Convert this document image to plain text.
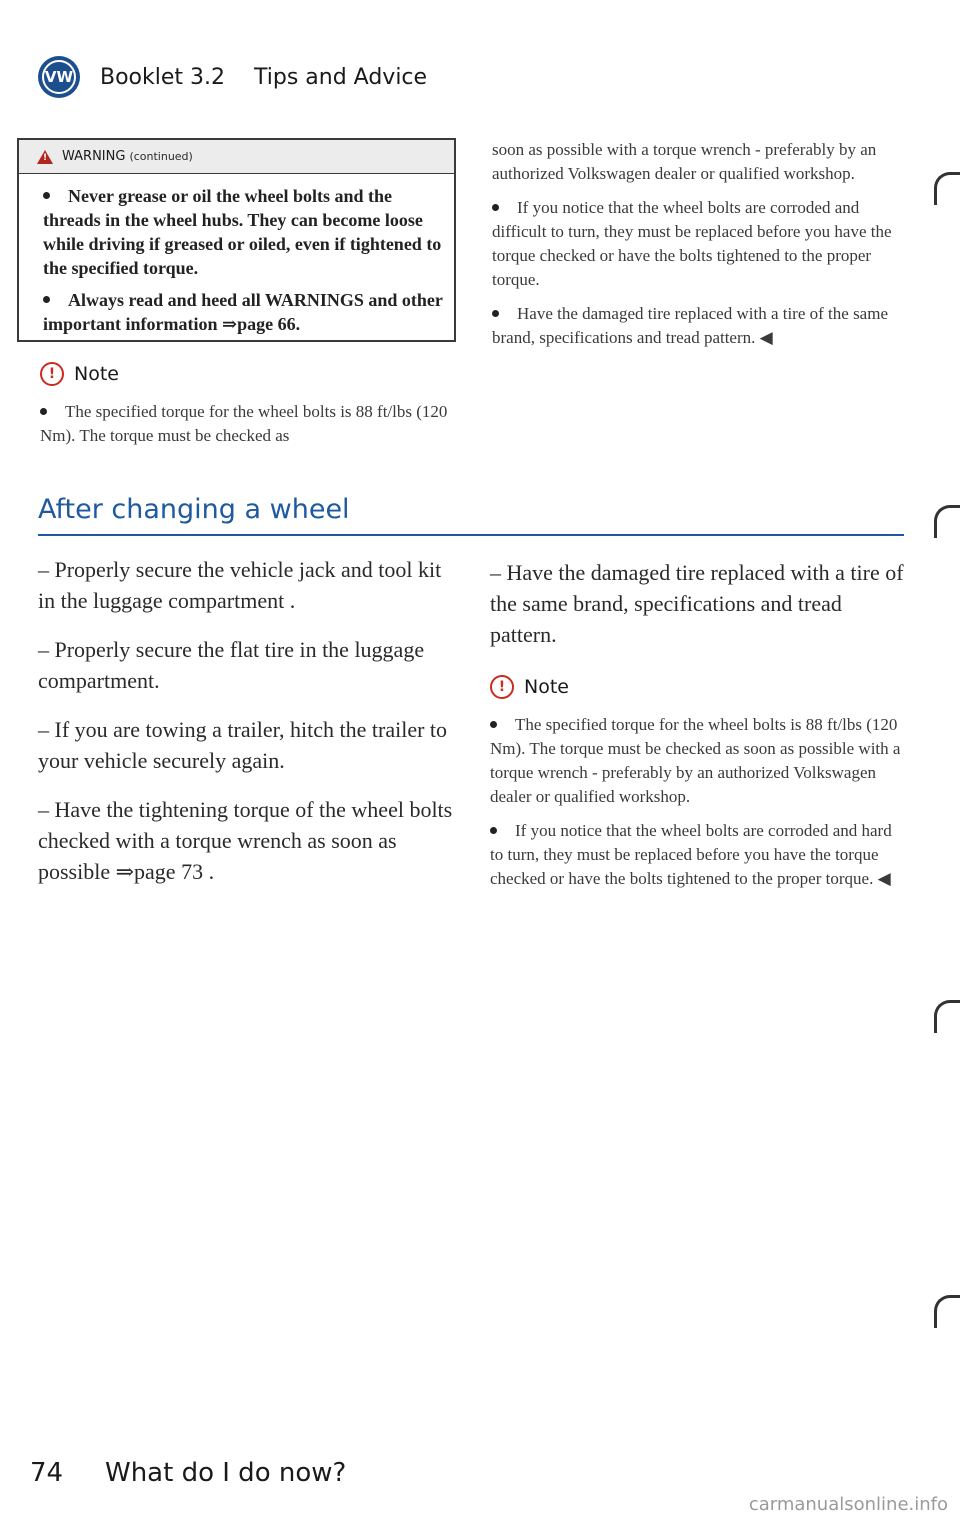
VW Booklet 3.2 Tips and Advice
! WARNING (continued)
Never grease or oil the wheel bolts and the threads in the wheel hubs. They can become loose while driving if greased or oiled, even if tightened to the specified torque.
Always read and heed all WARNINGS and other important information ⇒page 66.
! Note

The specified torque for the wheel bolts is 88 ft/lbs (120 Nm). The torque must be checked as

soon as possible with a torque wrench - preferably by an authorized Volkswagen dealer or qualified workshop.

If you notice that the wheel bolts are corroded and difficult to turn, they must be replaced before you have the torque checked or have the bolts tightened to the proper torque.

Have the damaged tire replaced with a tire of the same brand, specifications and tread pattern. ◀

After changing a wheel

– Properly secure the vehicle jack and tool kit in the luggage compartment .

– Properly secure the flat tire in the luggage compartment.

– If you are towing a trailer, hitch the trailer to your vehicle securely again.

– Have the tightening torque of the wheel bolts checked with a torque wrench as soon as possible ⇒page 73 .

– Have the damaged tire replaced with a tire of the same brand, specifications and tread pattern.

! Note

The specified torque for the wheel bolts is 88 ft/lbs (120 Nm). The torque must be checked as soon as possible with a torque wrench - preferably by an authorized Volkswagen dealer or qualified workshop.

If you notice that the wheel bolts are corroded and hard to turn, they must be replaced before you have the torque checked or have the bolts tightened to the proper torque. ◀

74 What do I do now?
carmanualsonline.info
